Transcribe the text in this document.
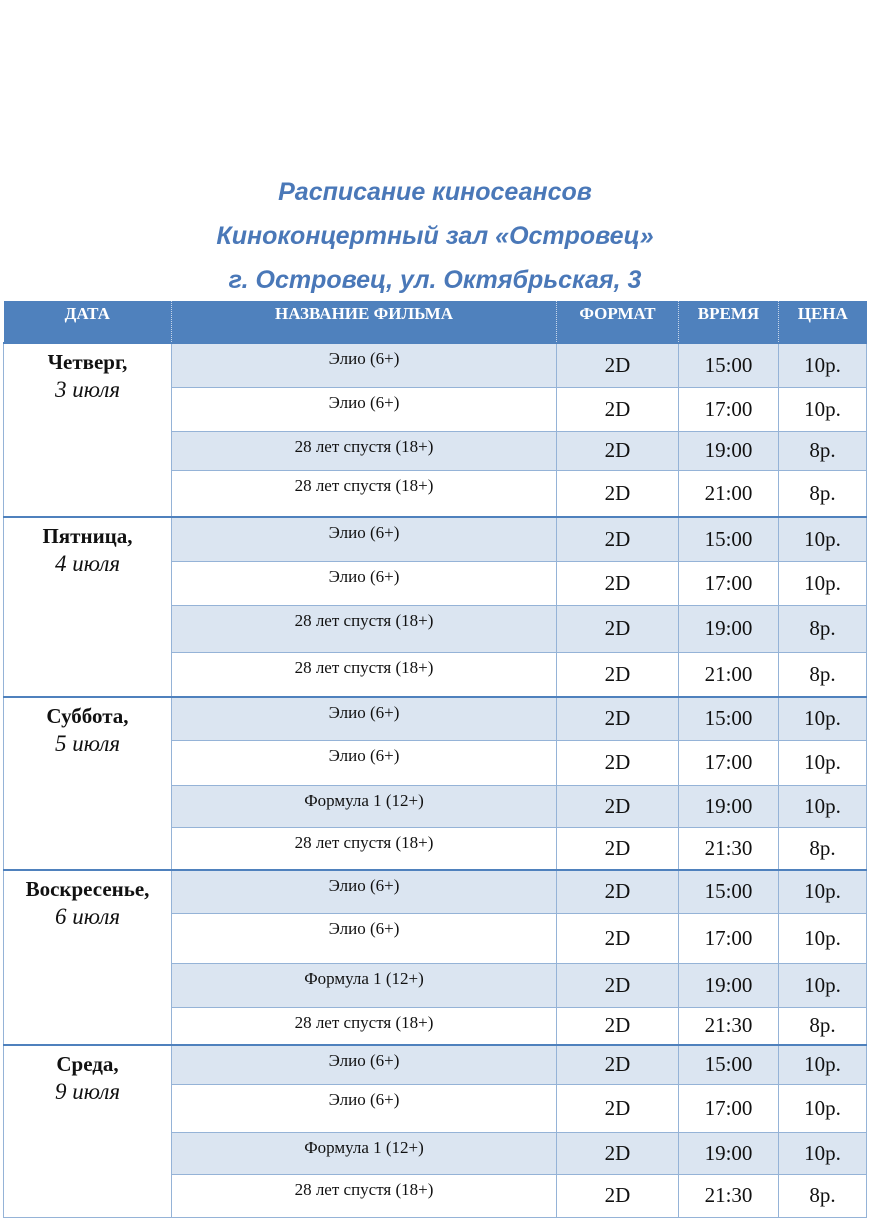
Расписание киносеансов
Киноконцертный зал «Островец»
г. Островец, ул. Октябрьская, 3
ДАТА	НАЗВАНИЕ ФИЛЬМА	ФОРМАТ	ВРЕМЯ	ЦЕНА

Четверг,
3 июля	Элио (6+)	2D	15:00	10р.
	Элио (6+)	2D	17:00	10р.
	28 лет спустя (18+)	2D	19:00	8р.
	28 лет спустя (18+)	2D	21:00	8р.

Пятница,
4 июля	Элио (6+)	2D	15:00	10р.
	Элио (6+)	2D	17:00	10р.
	28 лет спустя (18+)	2D	19:00	8р.
	28 лет спустя (18+)	2D	21:00	8р.

Суббота,
5 июля	Элио (6+)	2D	15:00	10р.
	Элио (6+)	2D	17:00	10р.
	Формула 1 (12+)	2D	19:00	10р.
	28 лет спустя (18+)	2D	21:30	8р.

Воскресенье,
6 июля	Элио (6+)	2D	15:00	10р.
	Элио (6+)	2D	17:00	10р.
	Формула 1 (12+)	2D	19:00	10р.
	28 лет спустя (18+)	2D	21:30	8р.

Среда,
9 июля	Элио (6+)	2D	15:00	10р.
	Элио (6+)	2D	17:00	10р.
	Формула 1 (12+)	2D	19:00	10р.
	28 лет спустя (18+)	2D	21:30	8р.
